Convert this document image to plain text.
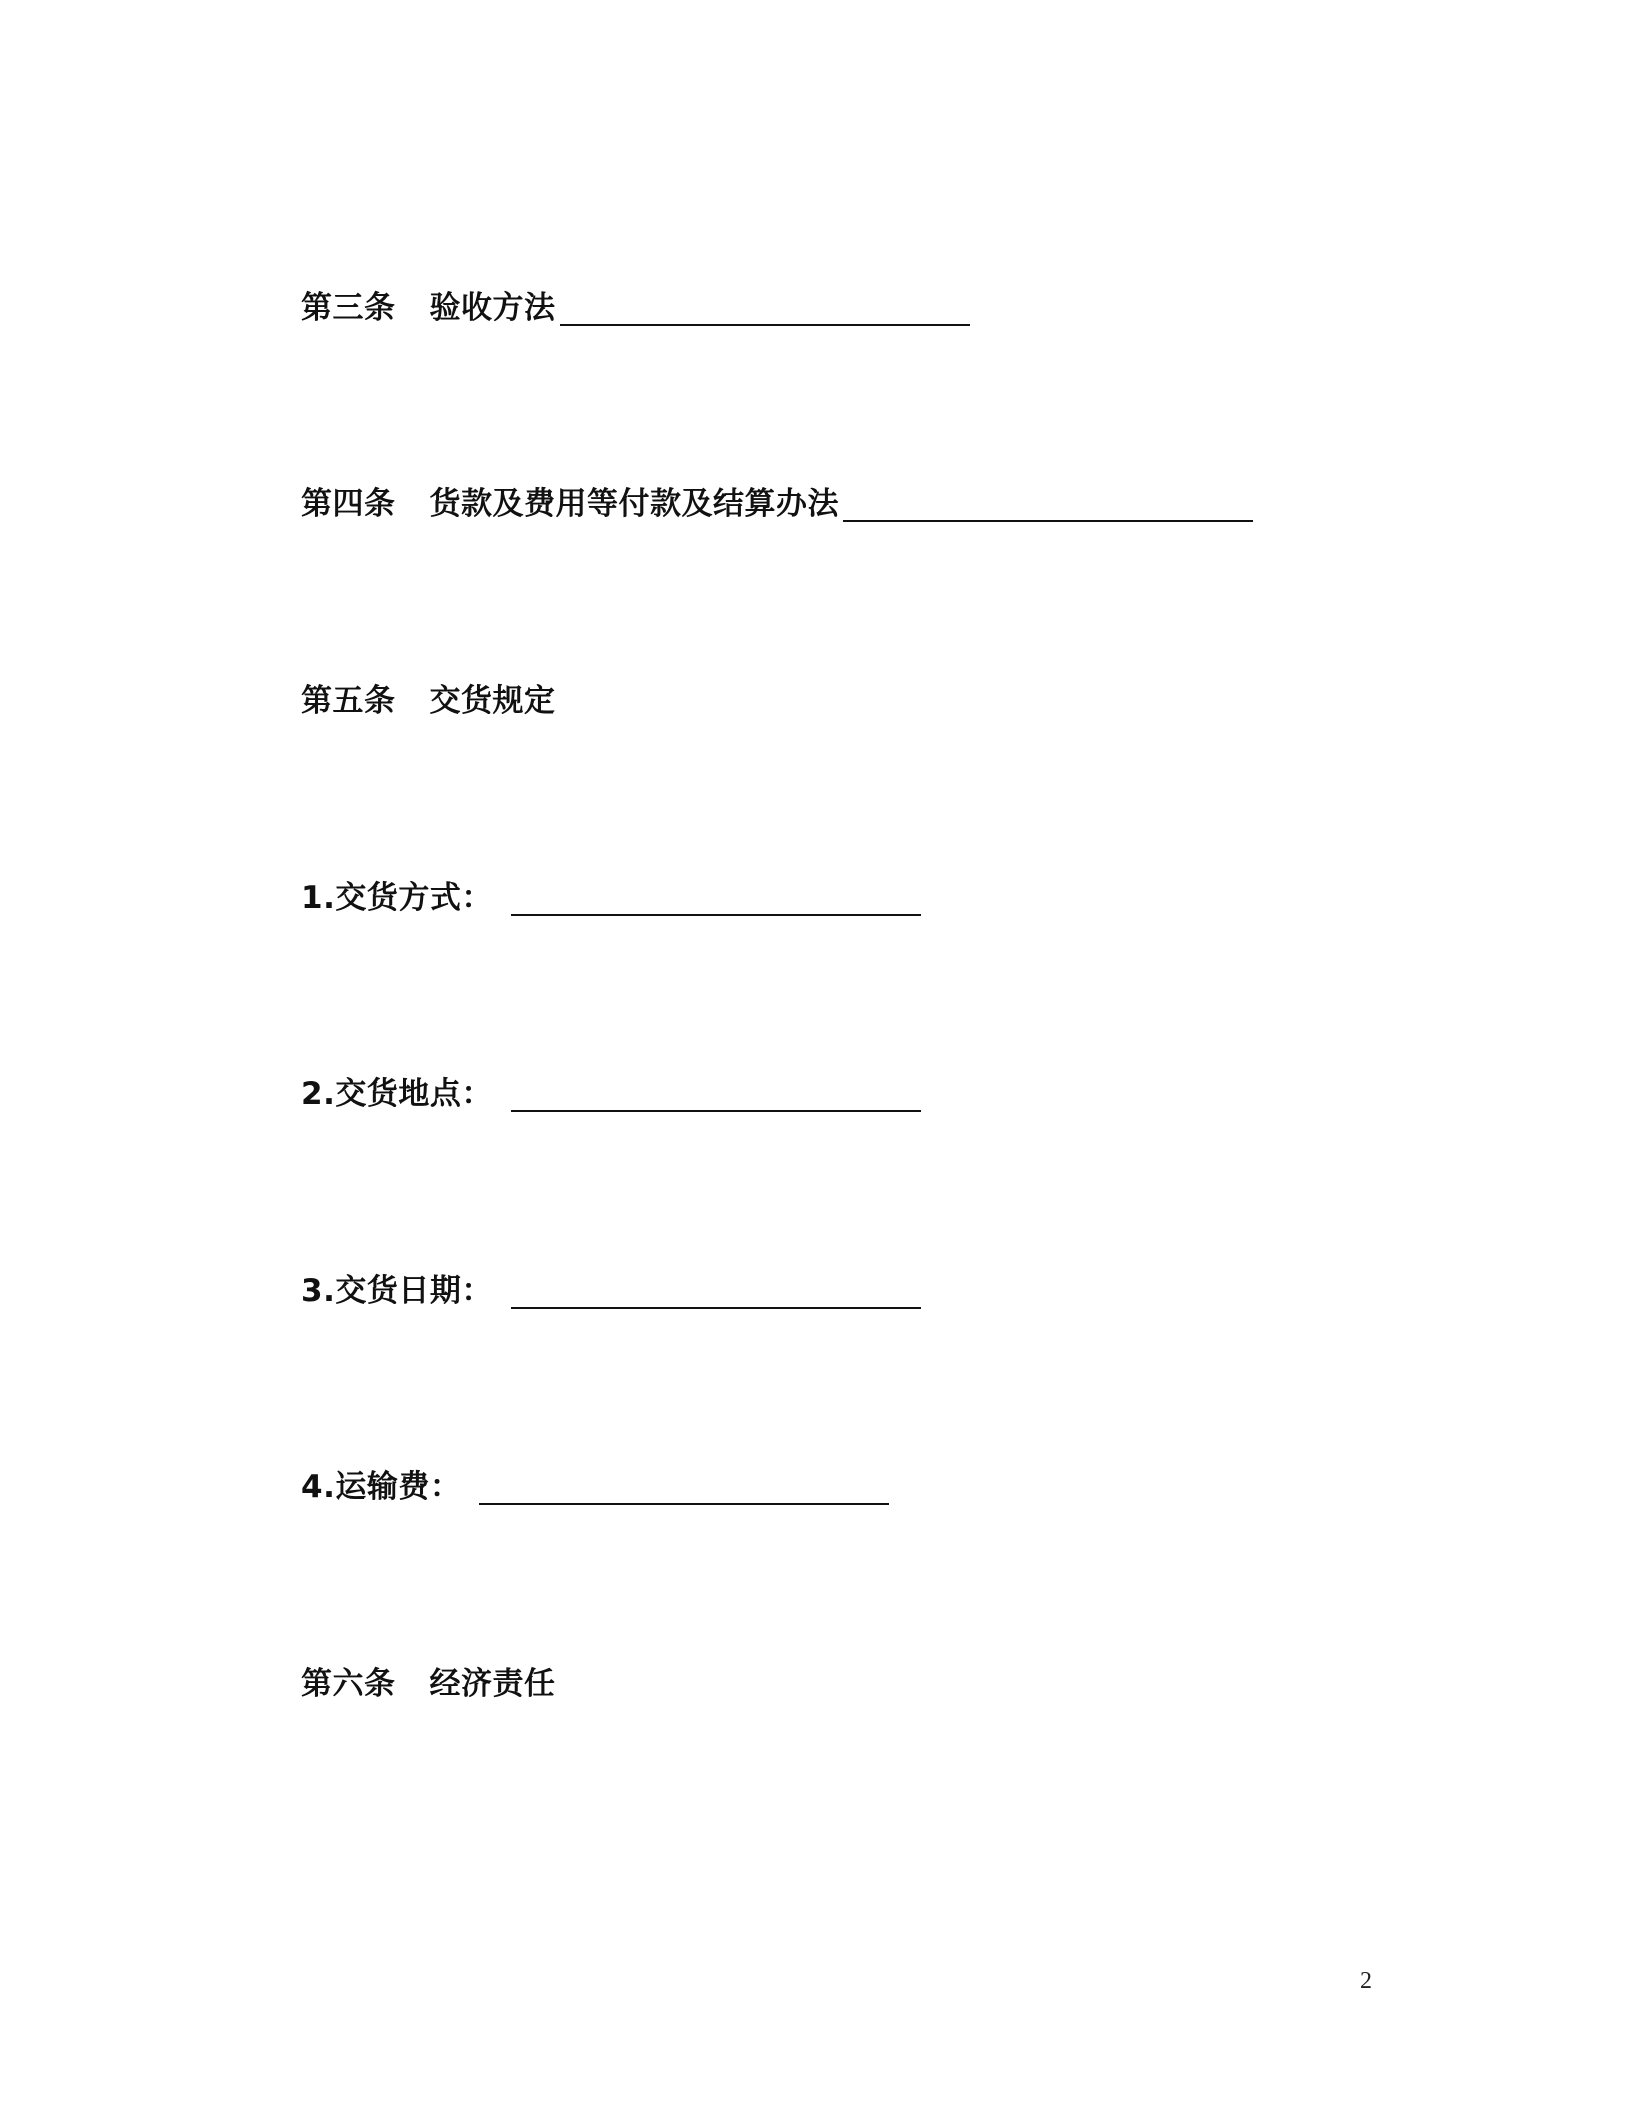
第三条 验收方法
第四条 货款及费用等付款及结算办法
第五条 交货规定
1.交货方式：
2.交货地点：
3.交货日期：
4.运输费：
第六条 经济责任
2
